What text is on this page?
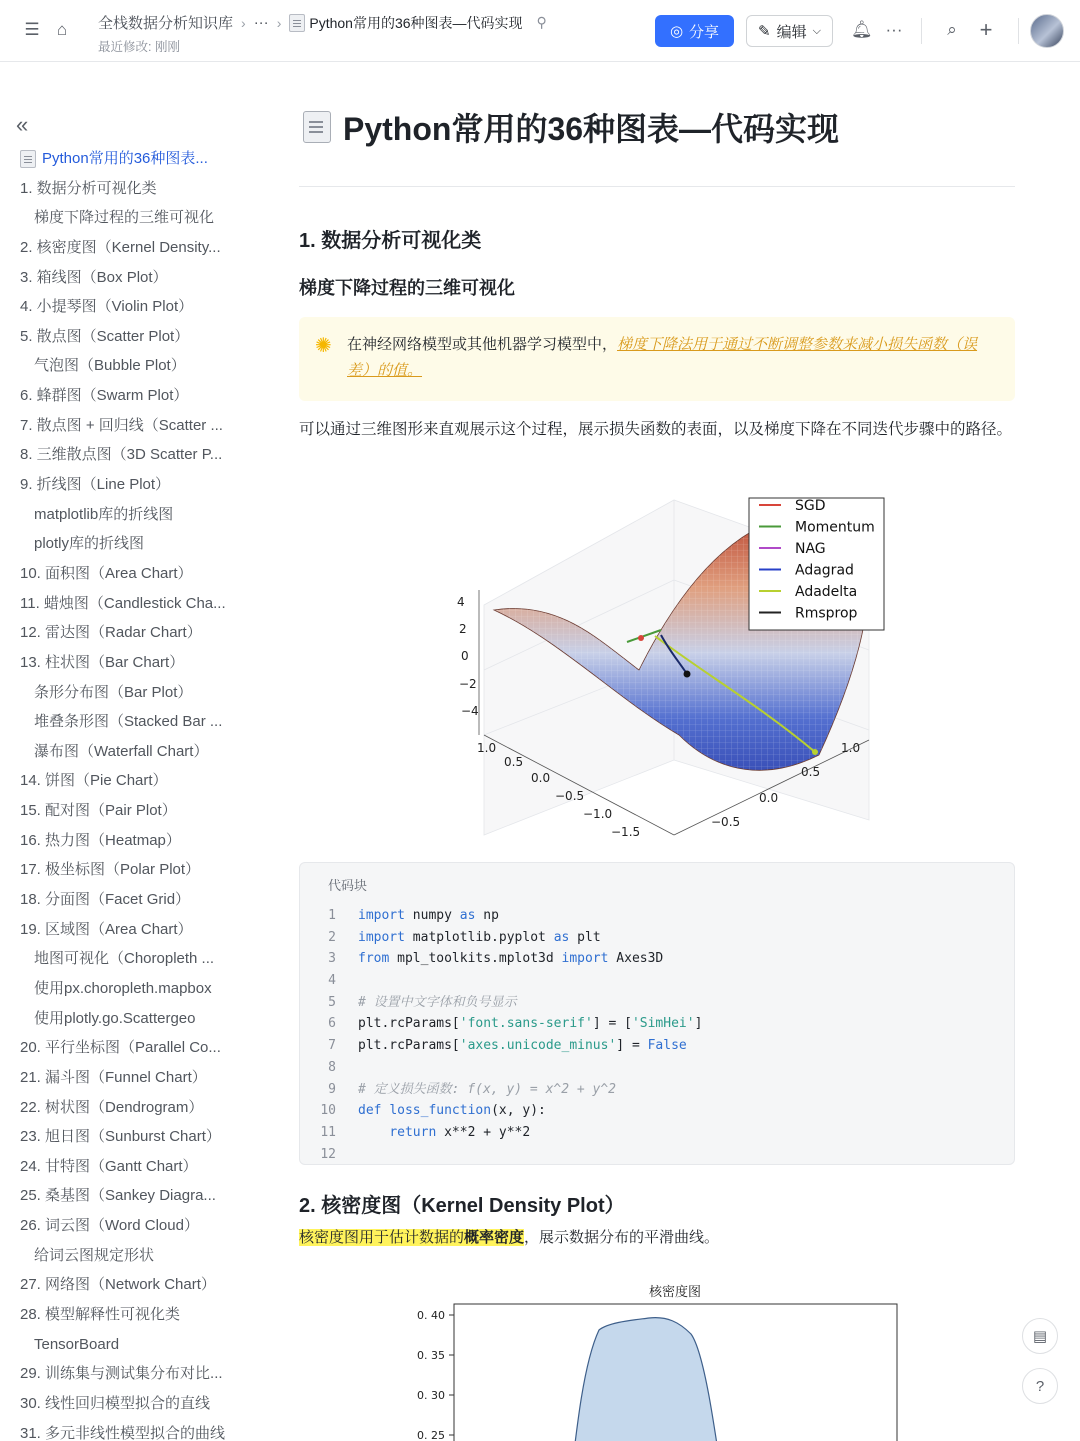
☰ ⌂	全栈数据分析知识库 › ··· › Python常用的36种图表—代码实现 ⚲
最近修改: 刚刚
◎ 分享	✎ 编辑 ⌵ 🔔︎ ···	⌕ +
«
Python常用的36种图表...
1. 数据分析可视化类
梯度下降过程的三维可视化
2. 核密度图（Kernel Density...
3. 箱线图（Box Plot）
4. 小提琴图（Violin Plot）
5. 散点图（Scatter Plot）
气泡图（Bubble Plot）
6. 蜂群图（Swarm Plot）
7. 散点图 + 回归线（Scatter ...
8. 三维散点图（3D Scatter P...
9. 折线图（Line Plot）
matplotlib库的折线图
plotly库的折线图
10. 面积图（Area Chart）
11. 蜡烛图（Candlestick Cha...
12. 雷达图（Radar Chart）
13. 柱状图（Bar Chart）
条形分布图（Bar Plot）
堆叠条形图（Stacked Bar ...
瀑布图（Waterfall Chart）
14. 饼图（Pie Chart）
15. 配对图（Pair Plot）
16. 热力图（Heatmap）
17. 极坐标图（Polar Plot）
18. 分面图（Facet Grid）
19. 区域图（Area Chart）
地图可视化（Choropleth ...
使用px.choropleth.mapbox
使用plotly.go.Scattergeo
20. 平行坐标图（Parallel Co...
21. 漏斗图（Funnel Chart）
22. 树状图（Dendrogram）
23. 旭日图（Sunburst Chart）
24. 甘特图（Gantt Chart）
25. 桑基图（Sankey Diagra...
26. 词云图（Word Cloud）
给词云图规定形状
27. 网络图（Network Chart）
28. 模型解释性可视化类
TensorBoard
29. 训练集与测试集分布对比...
30. 线性回归模型拟合的直线
31. 多元非线性模型拟合的曲线
Python常用的36种图表—代码实现
1. 数据分析可视化类
梯度下降过程的三维可视化
✺ 在神经网络模型或其他机器学习模型中，梯度下降法用于通过不断调整参数来减小损失函数（误差）的值。
可以通过三维图形来直观展示这个过程，展示损失函数的表面，以及梯度下降在不同迭代步骤中的路径。
4
2
0
−2
−4
1.0
0.5
0.0
−0.5
−1.0
−1.5
1.0
0.5
0.0
−0.5
SGD
Momentum
NAG
Adagrad
Adadelta
Rmsprop
代码块
1	import numpy as np
2	import matplotlib.pyplot as plt
3	from mpl_toolkits.mplot3d import Axes3D
4
5	# 设置中文字体和负号显示
6	plt.rcParams['font.sans-serif'] = ['SimHei']
7	plt.rcParams['axes.unicode_minus'] = False
8
9	# 定义损失函数: f(x, y) = x^2 + y^2
10	def loss_function(x, y):
11	return x**2 + y**2
12
2. 核密度图（Kernel Density Plot）
核密度图用于估计数据的概率密度，展示数据分布的平滑曲线。
核密度图
0. 40
0. 35
0. 30
0. 25
▤
?
